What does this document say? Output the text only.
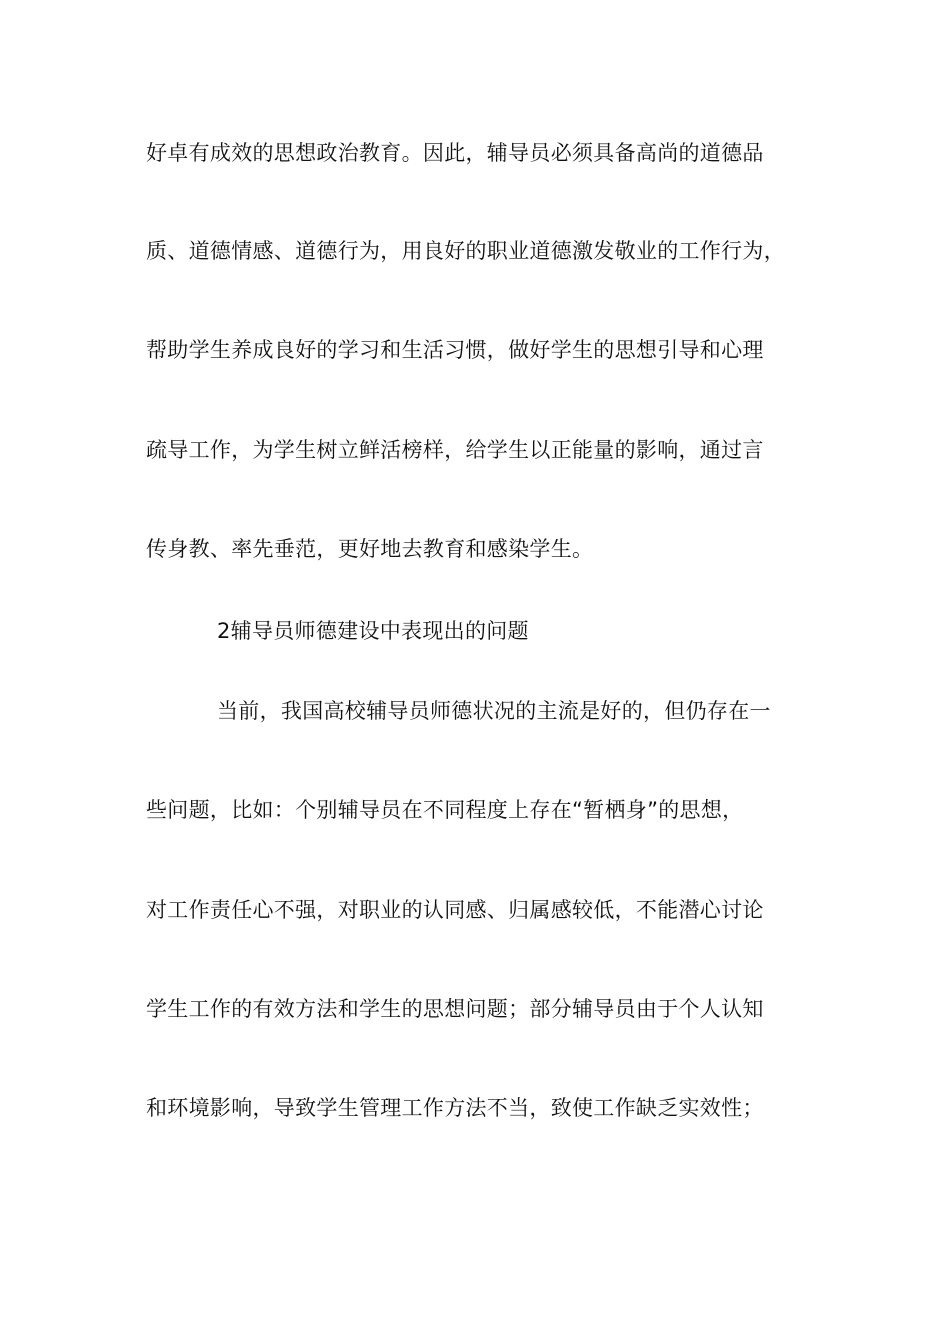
好卓有成效的思想政治教育。因此，辅导员必须具备高尚的道德品
质、道德情感、道德行为，用良好的职业道德激发敬业的工作行为，
帮助学生养成良好的学习和生活习惯，做好学生的思想引导和心理
疏导工作，为学生树立鲜活榜样，给学生以正能量的影响，通过言
传身教、率先垂范，更好地去教育和感染学生。
2辅导员师德建设中表现出的问题
当前，我国高校辅导员师德状况的主流是好的，但仍存在一
些问题，比如：个别辅导员在不同程度上存在“暂栖身”的思想，
对工作责任心不强，对职业的认同感、归属感较低，不能潜心讨论
学生工作的有效方法和学生的思想问题；部分辅导员由于个人认知
和环境影响，导致学生管理工作方法不当，致使工作缺乏实效性；
